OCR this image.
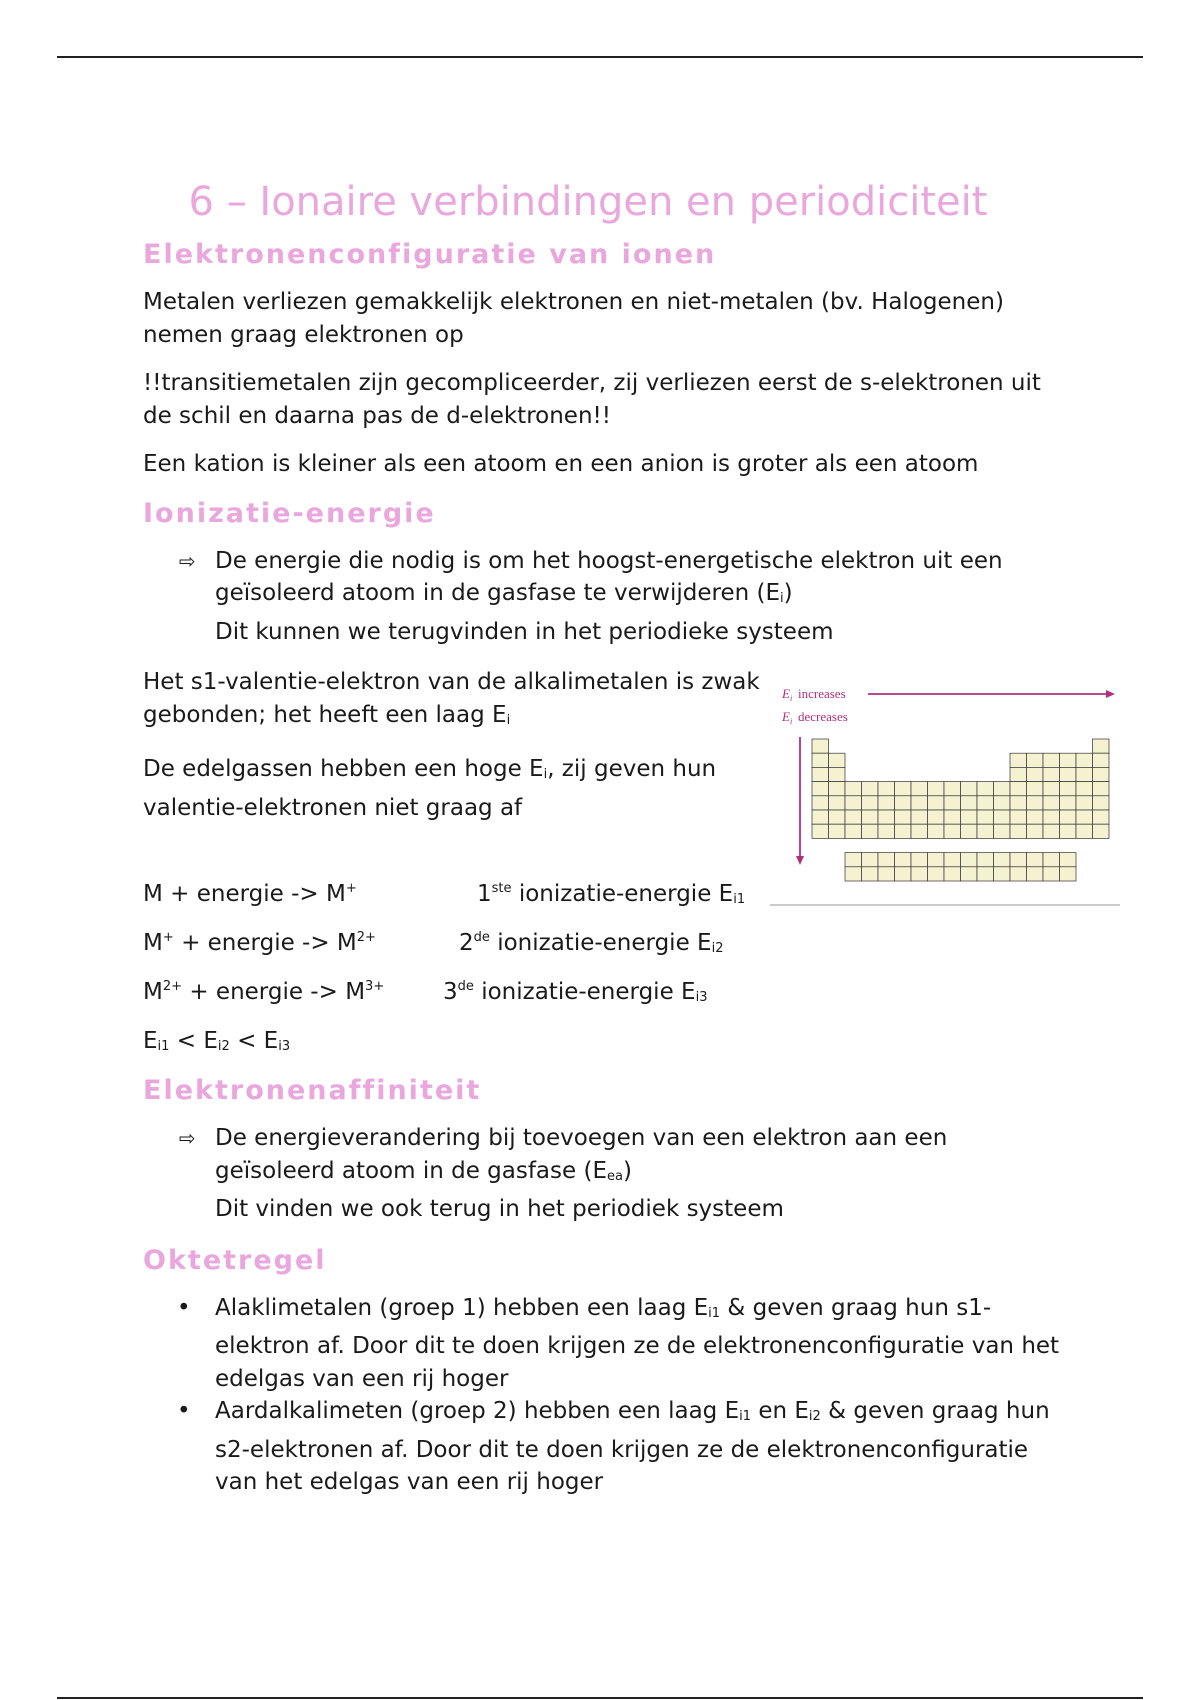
6 – Ionaire verbindingen en periodiciteit
Elektronenconfiguratie van ionen

Metalen verliezen gemakkelijk elektronen en niet-metalen (bv. Halogenen) nemen graag elektronen op

!!transitiemetalen zijn gecompliceerder, zij verliezen eerst de s-elektronen uit de schil en daarna pas de d-elektronen!!

Een kation is kleiner als een atoom en een anion is groter als een atoom

Ionizatie-energie
⇨ De energie die nodig is om het hoogst-energetische elektron uit een
geïsoleerd atoom in de gasfase te verwijderen $(E_i)$
Dit kunnen we terugvinden in het periodieke systeem

Het s1-valentie-elektron van de alkalimetalen is zwak gebonden; het heeft een laag $E_i$

De edelgassen hebben een hoge $E_i$, zij geven hun valentie-elektronen niet graag af

M + energie -> M+	1ste ionizatie-energie $E_{i1}$
M+ + energie -> $M^{2+}$	2de ionizatie-energie $E_{i2}$
$M^{2+}$ + energie -> $M^{3+}$	3de ionizatie-energie $E_{i3}$
$E_{i1} < E_{i2} < E_{i3}$
Elektronenaffiniteit
⇨ De energieverandering bij toevoegen van een elektron aan een
geïsoleerd atoom in de gasfase $(E_{ea})$
Dit vinden we ook terug in het periodiek systeem
Oktetregel
• Alaklimetalen (groep 1) hebben een laag $E_{i1}$ & geven graag hun s1-elektron af. Door dit te doen krijgen ze de elektronenconfiguratie van het edelgas van een rij hoger
• Aardalkalimeten (groep 2) hebben een laag $E_{i1}$ en $E_{i2}$ & geven graag hun s2-elektronen af. Door dit te doen krijgen ze de elektronenconfiguratie van het edelgas van een rij hoger
$E_i$ increases
$E_i$ decreases
